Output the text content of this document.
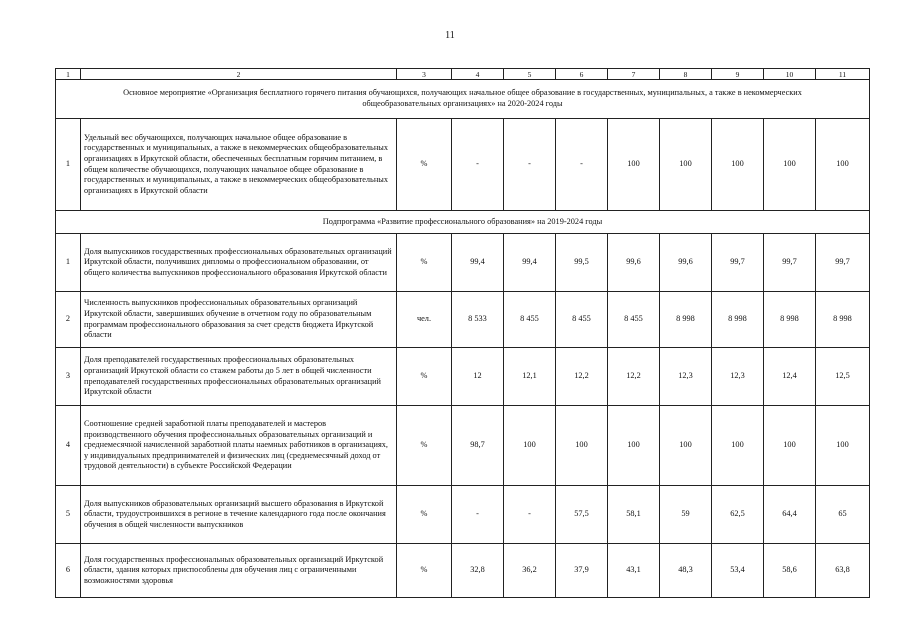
11
1	2	3	4	5	6	7	8	9	10	11
Основное мероприятие «Организация бесплатного горячего питания обучающихся, получающих начальное общее образование в государственных, муниципальных, а также в некоммерческих общеобразовательных организациях» на 2020-2024 годы										
1	Удельный вес обучающихся, получающих начальное общее образование в государственных и муниципальных, а также в некоммерческих общеобразовательных организациях в Иркутской области, обеспеченных бесплатным горячим питанием, в общем количестве обучающихся, получающих начальное общее образование в государственных и муниципальных, а также в некоммерческих общеобразовательных организациях в Иркутской области	%	-	-	-	100	100	100	100	100
Подпрограмма «Развитие профессионального образования» на 2019-2024 годы										
1	Доля выпускников государственных профессиональных образовательных организаций Иркутской области, получивших дипломы о профессиональном образовании, от общего количества выпускников профессионального образования Иркутской области	%	99,4	99,4	99,5	99,6	99,6	99,7	99,7	99,7
2	Численность выпускников профессиональных образовательных организаций Иркутской области, завершивших обучение в отчетном году по образовательным программам профессионального образования за счет средств бюджета Иркутской области	чел.	8 533	8 455	8 455	8 455	8 998	8 998	8 998	8 998
3	Доля преподавателей государственных профессиональных образовательных организаций Иркутской области со стажем работы до 5 лет в общей численности преподавателей государственных профессиональных образовательных организаций Иркутской области	%	12	12,1	12,2	12,2	12,3	12,3	12,4	12,5
4	Соотношение средней заработной платы преподавателей и мастеров производственного обучения профессиональных образовательных организаций и среднемесячной начисленной заработной платы наемных работников в организациях, у индивидуальных предпринимателей и физических лиц (среднемесячный доход от трудовой деятельности) в субъекте Российской Федерации	%	98,7	100	100	100	100	100	100	100
5	Доля выпускников образовательных организаций высшего образования в Иркутской области, трудоустроившихся в регионе в течение календарного года после окончания обучения в общей численности выпускников	%	-	-	57,5	58,1	59	62,5	64,4	65
6	Доля государственных профессиональных образовательных организаций Иркутской области, здания которых приспособлены для обучения лиц с ограниченными возможностями здоровья	%	32,8	36,2	37,9	43,1	48,3	53,4	58,6	63,8
